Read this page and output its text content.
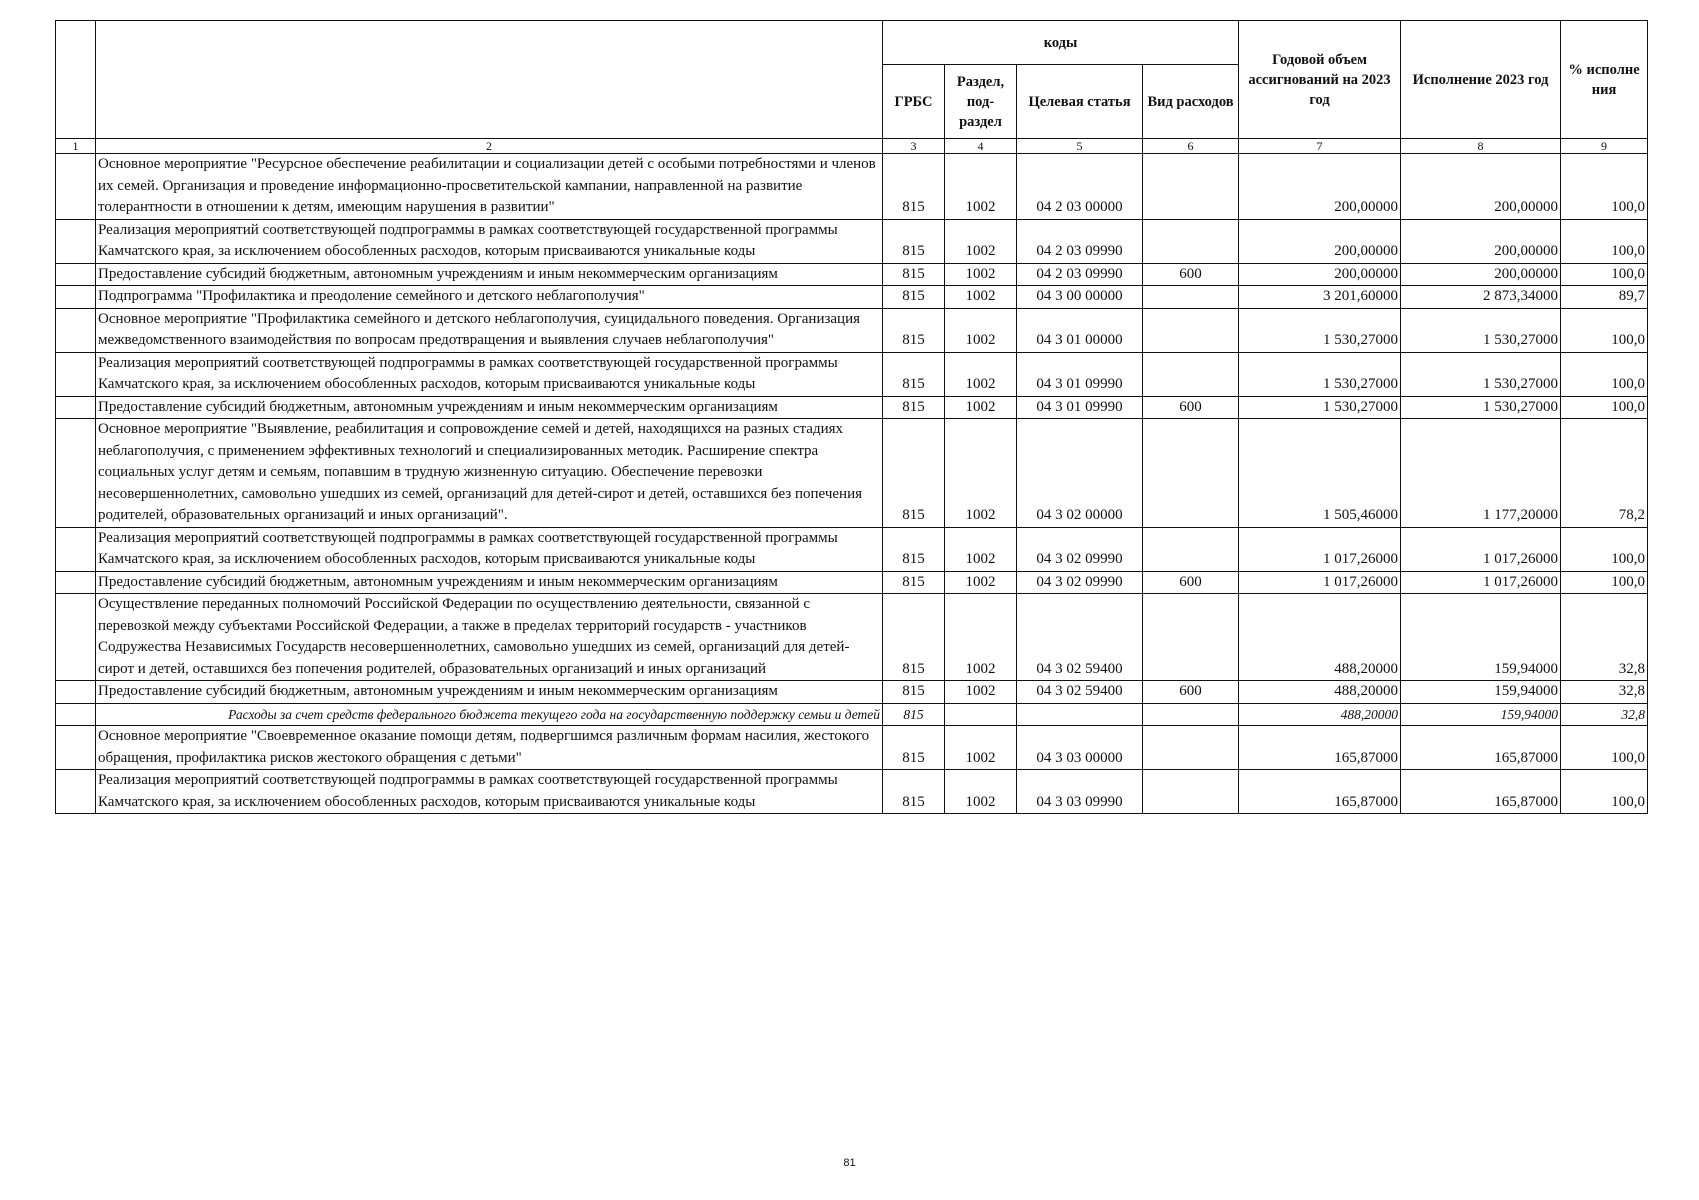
		коды				Годовой объем ассигнований на 2023 год	Исполнение 2023 год	% исполне ния
		ГРБС	Раздел, под- раздел	Целевая статья	Вид расходов			
1	2	3	4	5	6	7	8	9
	Основное мероприятие "Ресурсное обеспечение реабилитации и социализации детей с особыми потребностями и членов их семей. Организация и проведение информационно-просветительской кампании, направленной на развитие толерантности в отношении к детям, имеющим нарушения в развитии"	815	1002	04 2 03 00000		200,00000	200,00000	100,0
	Реализация мероприятий соответствующей подпрограммы в рамках соответствующей государственной программы Камчатского края, за исключением обособленных расходов, которым присваиваются уникальные коды	815	1002	04 2 03 09990		200,00000	200,00000	100,0
	Предоставление субсидий бюджетным, автономным учреждениям и иным некоммерческим организациям	815	1002	04 2 03 09990	600	200,00000	200,00000	100,0
	Подпрограмма "Профилактика и преодоление семейного и детского неблагополучия"	815	1002	04 3 00 00000		3 201,60000	2 873,34000	89,7
	Основное мероприятие "Профилактика семейного и детского неблагополучия, суицидального поведения. Организация межведомственного взаимодействия по вопросам предотвращения и выявления случаев неблагополучия"	815	1002	04 3 01 00000		1 530,27000	1 530,27000	100,0
	Реализация мероприятий соответствующей подпрограммы в рамках соответствующей государственной программы Камчатского края, за исключением обособленных расходов, которым присваиваются уникальные коды	815	1002	04 3 01 09990		1 530,27000	1 530,27000	100,0
	Предоставление субсидий бюджетным, автономным учреждениям и иным некоммерческим организациям	815	1002	04 3 01 09990	600	1 530,27000	1 530,27000	100,0
	Основное мероприятие "Выявление, реабилитация и сопровождение семей и детей, находящихся на разных стадиях неблагополучия, с применением эффективных технологий и специализированных методик. Расширение спектра социальных услуг детям и семьям, попавшим в трудную жизненную ситуацию. Обеспечение перевозки несовершеннолетних, самовольно ушедших из семей, организаций для детей-сирот и детей, оставшихся без попечения родителей, образовательных организаций и иных организаций".	815	1002	04 3 02 00000		1 505,46000	1 177,20000	78,2
	Реализация мероприятий соответствующей подпрограммы в рамках соответствующей государственной программы Камчатского края, за исключением обособленных расходов, которым присваиваются уникальные коды	815	1002	04 3 02 09990		1 017,26000	1 017,26000	100,0
	Предоставление субсидий бюджетным, автономным учреждениям и иным некоммерческим организациям	815	1002	04 3 02 09990	600	1 017,26000	1 017,26000	100,0
	Осуществление переданных полномочий Российской Федерации по осуществлению деятельности, связанной с перевозкой между субъектами Российской Федерации, а также в пределах территорий государств - участников Содружества Независимых Государств несовершеннолетних, самовольно ушедших из семей, организаций для детей-сирот и детей, оставшихся без попечения родителей, образовательных организаций и иных организаций	815	1002	04 3 02 59400		488,20000	159,94000	32,8
	Предоставление субсидий бюджетным, автономным учреждениям и иным некоммерческим организациям	815	1002	04 3 02 59400	600	488,20000	159,94000	32,8
	Расходы за счет средств федерального бюджета текущего года на государственную поддержку семьи и детей	815				488,20000	159,94000	32,8
	Основное мероприятие "Своевременное оказание помощи детям, подвергшимся различным формам насилия, жестокого обращения, профилактика рисков жестокого обращения с детьми"	815	1002	04 3 03 00000		165,87000	165,87000	100,0
	Реализация мероприятий соответствующей подпрограммы в рамках соответствующей государственной программы Камчатского края, за исключением обособленных расходов, которым присваиваются уникальные коды	815	1002	04 3 03 09990		165,87000	165,87000	100,0
81
